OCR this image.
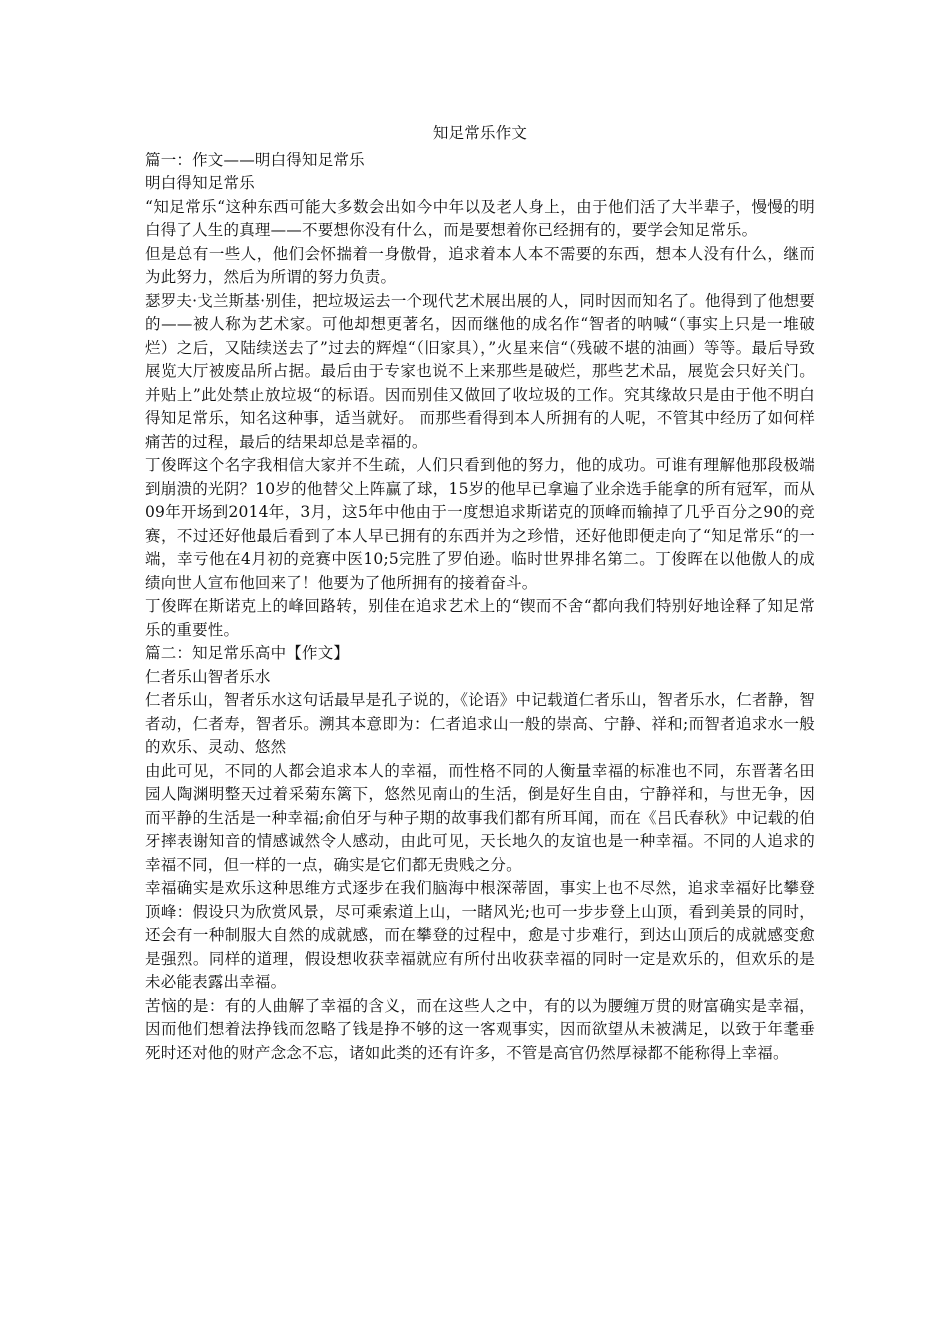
知足常乐作文

篇一：作文——明白得知足常乐

明白得知足常乐

“知足常乐“这种东西可能大多数会出如今中年以及老人身上，由于他们活了大半辈子，慢慢的明白得了人生的真理——不要想你没有什么，而是要想着你已经拥有的，要学会知足常乐。

但是总有一些人，他们会怀揣着一身傲骨，追求着本人本不需要的东西，想本人没有什么，继而为此努力，然后为所谓的努力负责。

瑟罗夫·戈兰斯基·别佳，把垃圾运去一个现代艺术展出展的人，同时因而知名了。他得到了他想要的——被人称为艺术家。可他却想更著名，因而继他的成名作“智者的呐喊“（事实上只是一堆破烂）之后，又陆续送去了”过去的辉煌“（旧家具），”火星来信“（残破不堪的油画）等等。最后导致展览大厅被废品所占据。最后由于专家也说不上来那些是破烂，那些艺术品，展览会只好关门。并贴上”此处禁止放垃圾“的标语。因而别佳又做回了收垃圾的工作。究其缘故只是由于他不明白得知足常乐，知名这种事，适当就好。 而那些看得到本人所拥有的人呢，不管其中经历了如何样痛苦的过程，最后的结果却总是幸福的。

丁俊晖这个名字我相信大家并不生疏，人们只看到他的努力，他的成功。可谁有理解他那段极端到崩溃的光阴？10岁的他替父上阵赢了球，15岁的他早已拿遍了业余选手能拿的所有冠军，而从09年开场到2014年，3月，这5年中他由于一度想追求斯诺克的顶峰而输掉了几乎百分之90的竞赛，不过还好他最后看到了本人早已拥有的东西并为之珍惜，还好他即便走向了“知足常乐“的一端，幸亏他在4月初的竞赛中医10;5完胜了罗伯逊。临时世界排名第二。丁俊晖在以他傲人的成绩向世人宣布他回来了！他要为了他所拥有的接着奋斗。

丁俊晖在斯诺克上的峰回路转，别佳在追求艺术上的“锲而不舍“都向我们特别好地诠释了知足常乐的重要性。

篇二：知足常乐高中【作文】

仁者乐山智者乐水

仁者乐山，智者乐水这句话最早是孔子说的，《论语》中记载道仁者乐山，智者乐水，仁者静，智者动，仁者寿，智者乐。溯其本意即为：仁者追求山一般的崇高、宁静、祥和;而智者追求水一般的欢乐、灵动、悠然

由此可见，不同的人都会追求本人的幸福，而性格不同的人衡量幸福的标准也不同，东晋著名田园人陶渊明整天过着采菊东篱下，悠然见南山的生活，倒是好生自由，宁静祥和，与世无争，因而平静的生活是一种幸福;俞伯牙与种子期的故事我们都有所耳闻，而在《吕氏春秋》中记载的伯牙摔表谢知音的情感诚然令人感动，由此可见，天长地久的友谊也是一种幸福。不同的人追求的幸福不同，但一样的一点，确实是它们都无贵贱之分。

幸福确实是欢乐这种思维方式逐步在我们脑海中根深蒂固，事实上也不尽然，追求幸福好比攀登顶峰：假设只为欣赏风景，尽可乘索道上山，一睹风光;也可一步步登上山顶，看到美景的同时，还会有一种制服大自然的成就感，而在攀登的过程中，愈是寸步难行，到达山顶后的成就感变愈是强烈。同样的道理，假设想收获幸福就应有所付出收获幸福的同时一定是欢乐的，但欢乐的是未必能表露出幸福。

苦恼的是：有的人曲解了幸福的含义，而在这些人之中，有的以为腰缠万贯的财富确实是幸福，因而他们想着法挣钱而忽略了钱是挣不够的这一客观事实，因而欲望从未被满足，以致于年耄垂死时还对他的财产念念不忘，诸如此类的还有许多，不管是高官仍然厚禄都不能称得上幸福。
